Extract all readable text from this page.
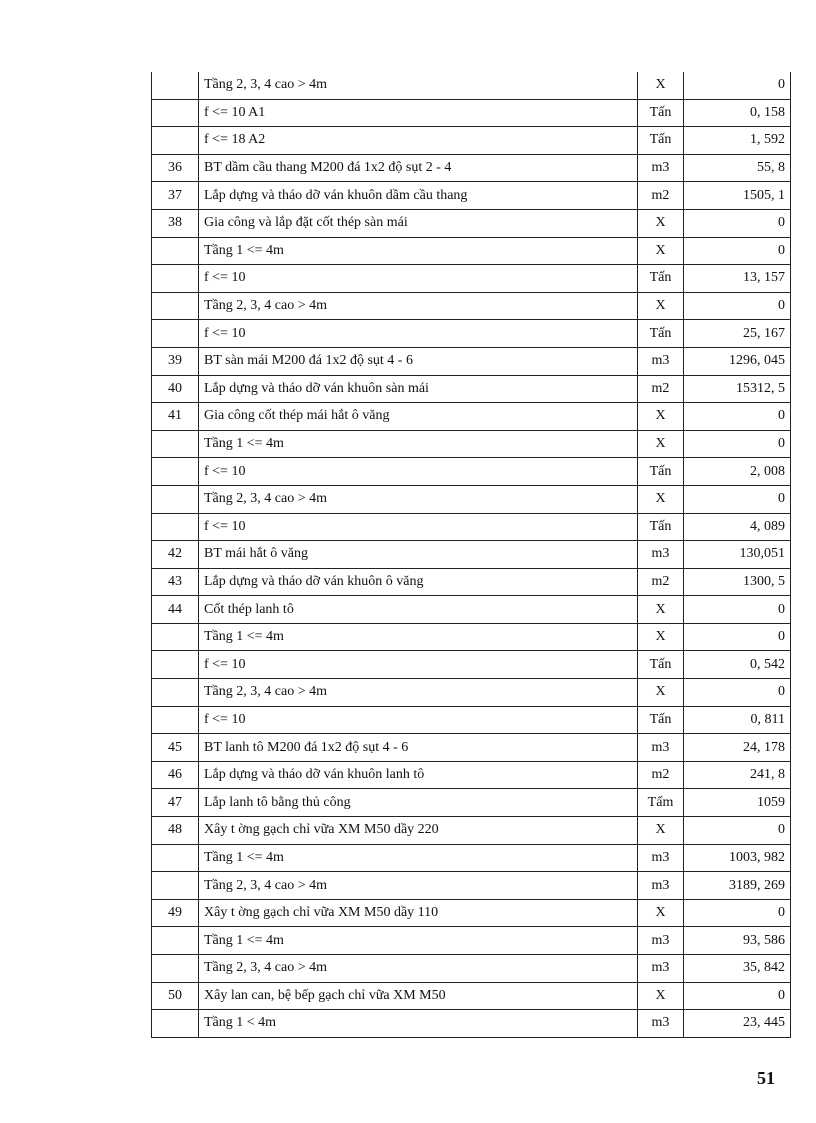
	Tầng 2, 3, 4 cao > 4m	X	0
	f <= 10 A1	Tấn	0, 158
	f <= 18 A2	Tấn	1, 592
36	BT dầm cầu thang M200 đá 1x2 độ sụt 2 - 4	m3	55, 8
37	Lắp dựng và tháo dỡ ván khuôn dầm cầu thang	m2	1505, 1
38	Gia công và lắp đặt cốt thép sàn mái	X	0
	Tầng 1 <= 4m	X	0
	f <= 10	Tấn	13, 157
	Tầng 2, 3, 4 cao > 4m	X	0
	f <= 10	Tấn	25, 167
39	BT sàn mái M200 đá 1x2 độ sụt 4 - 6	m3	1296, 045
40	Lắp dựng và tháo dỡ ván khuôn sàn mái	m2	15312, 5
41	Gia công cốt thép mái hắt ô văng	X	0
	Tầng 1 <= 4m	X	0
	f <= 10	Tấn	2, 008
	Tầng 2, 3, 4 cao > 4m	X	0
	f <= 10	Tấn	4, 089
42	BT mái hắt ô văng	m3	130,051
43	Lắp dựng và tháo dỡ ván khuôn ô văng	m2	1300, 5
44	Cốt thép lanh tô	X	0
	Tầng 1 <= 4m	X	0
	f <= 10	Tấn	0, 542
	Tầng 2, 3, 4 cao > 4m	X	0
	f <= 10	Tấn	0, 811
45	BT lanh tô M200 đá 1x2 độ sụt 4 - 6	m3	24, 178
46	Lắp dựng và tháo dỡ ván khuôn lanh tô	m2	241, 8
47	Lắp lanh tô bằng thủ công	Tấm	1059
48	Xây t ờng gạch chỉ vữa XM M50 dầy 220	X	0
	Tầng 1 <= 4m	m3	1003, 982
	Tầng 2, 3, 4 cao > 4m	m3	3189, 269
49	Xây t ờng gạch chỉ vữa XM M50 dầy 110	X	0
	Tầng 1 <= 4m	m3	93, 586
	Tầng 2, 3, 4 cao > 4m	m3	35, 842
50	Xây lan can, bệ bếp gạch chỉ vữa XM M50	X	0
	Tầng 1 < 4m	m3	23, 445
51
